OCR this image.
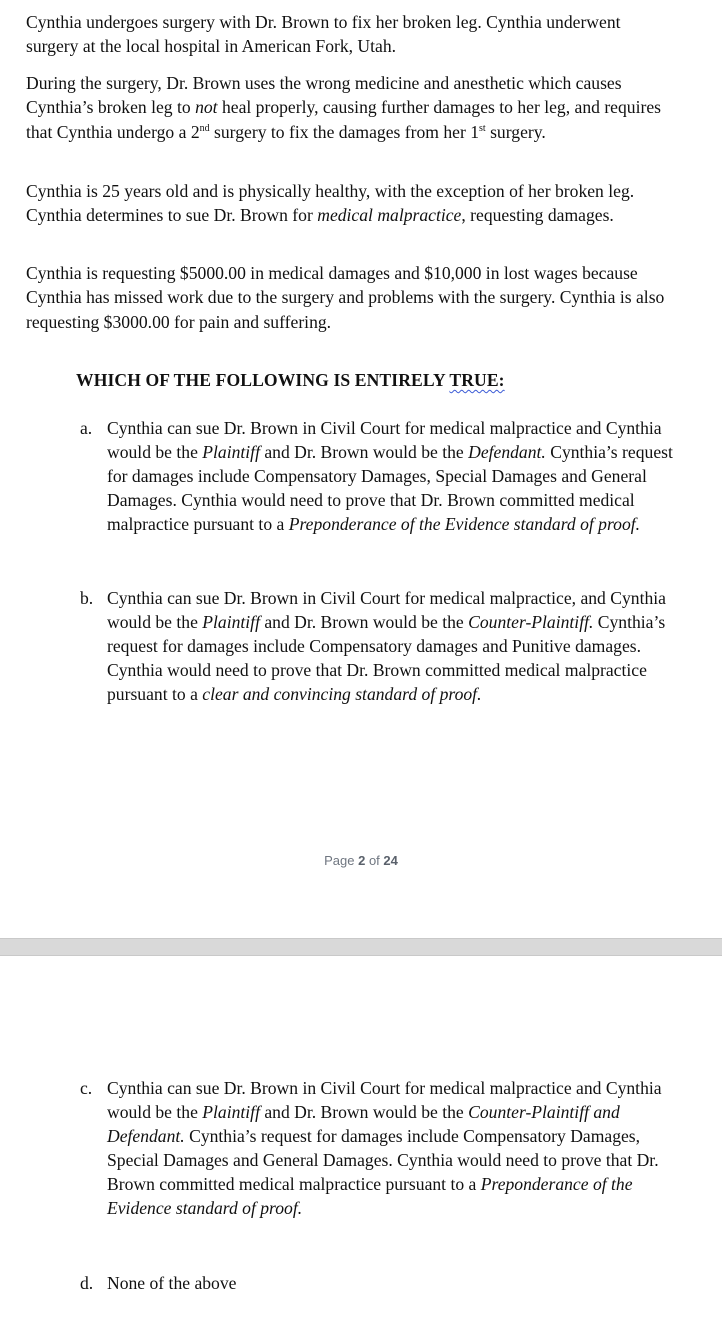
Cynthia undergoes surgery with Dr. Brown to fix her broken leg. Cynthia underwent surgery at the local hospital in American Fork, Utah.

During the surgery, Dr. Brown uses the wrong medicine and anesthetic which causes Cynthia’s broken leg to not heal properly, causing further damages to her leg, and requires that Cynthia undergo a 2nd surgery to fix the damages from her 1st surgery.

Cynthia is 25 years old and is physically healthy, with the exception of her broken leg. Cynthia determines to sue Dr. Brown for medical malpractice, requesting damages.

Cynthia is requesting $5000.00 in medical damages and $10,000 in lost wages because Cynthia has missed work due to the surgery and problems with the surgery. Cynthia is also requesting $3000.00 for pain and suffering.

WHICH OF THE FOLLOWING IS ENTIRELY TRUE:

a. Cynthia can sue Dr. Brown in Civil Court for medical malpractice and Cynthia would be the Plaintiff and Dr. Brown would be the Defendant. Cynthia’s request for damages include Compensatory Damages, Special Damages and General Damages. Cynthia would need to prove that Dr. Brown committed medical malpractice pursuant to a Preponderance of the Evidence standard of proof.
b. Cynthia can sue Dr. Brown in Civil Court for medical malpractice, and Cynthia would be the Plaintiff and Dr. Brown would be the Counter-Plaintiff. Cynthia’s request for damages include Compensatory damages and Punitive damages. Cynthia would need to prove that Dr. Brown committed medical malpractice pursuant to a clear and convincing standard of proof.
Page 2 of 24
c. Cynthia can sue Dr. Brown in Civil Court for medical malpractice and Cynthia would be the Plaintiff and Dr. Brown would be the Counter-Plaintiff and Defendant. Cynthia’s request for damages include Compensatory Damages, Special Damages and General Damages. Cynthia would need to prove that Dr. Brown committed medical malpractice pursuant to a Preponderance of the Evidence standard of proof.
d. None of the above
